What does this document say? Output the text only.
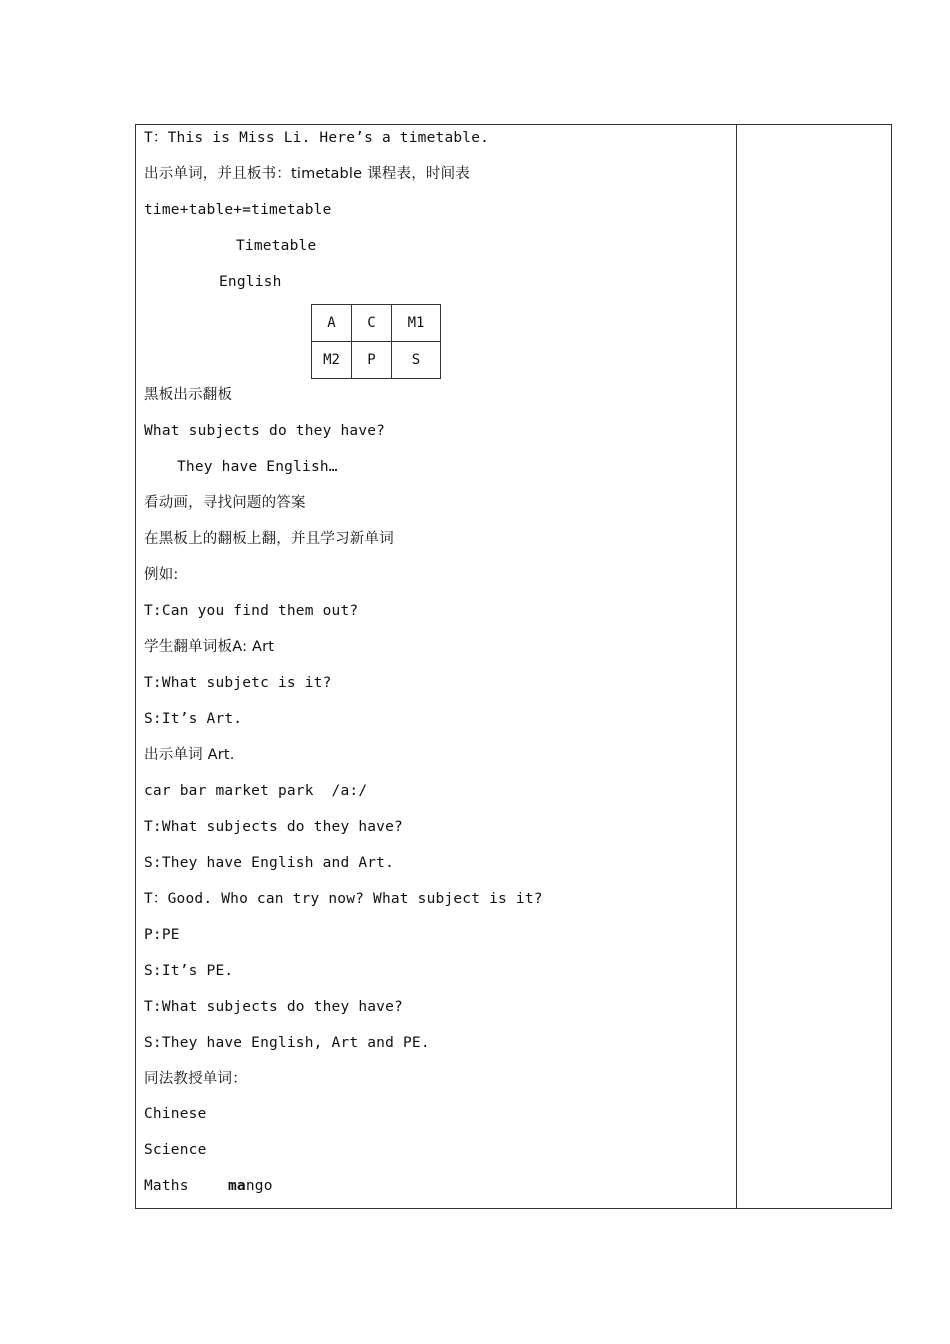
T：This is Miss Li. Here’s a timetable.
出示单词，并且板书：timetable 课程表，时间表
time+table+=timetable
Timetable
English
A	C	M1
M2	P	S
黑板出示翻板
What subjects do they have?
They have English…
看动画，寻找问题的答案
在黑板上的翻板上翻，并且学习新单词
例如:
T:Can you find them out?
学生翻单词板A: Art
T:What subjetc is it?
S:It’s Art.
出示单词 Art.
car bar market park  /a:/
T:What subjects do they have?
S:They have English and Art.
T：Good. Who can try now? What subject is it?
P:PE
S:It’s PE.
T:What subjects do they have?
S:They have English, Art and PE.
同法教授单词：
Chinese
Science
Maths	mango
